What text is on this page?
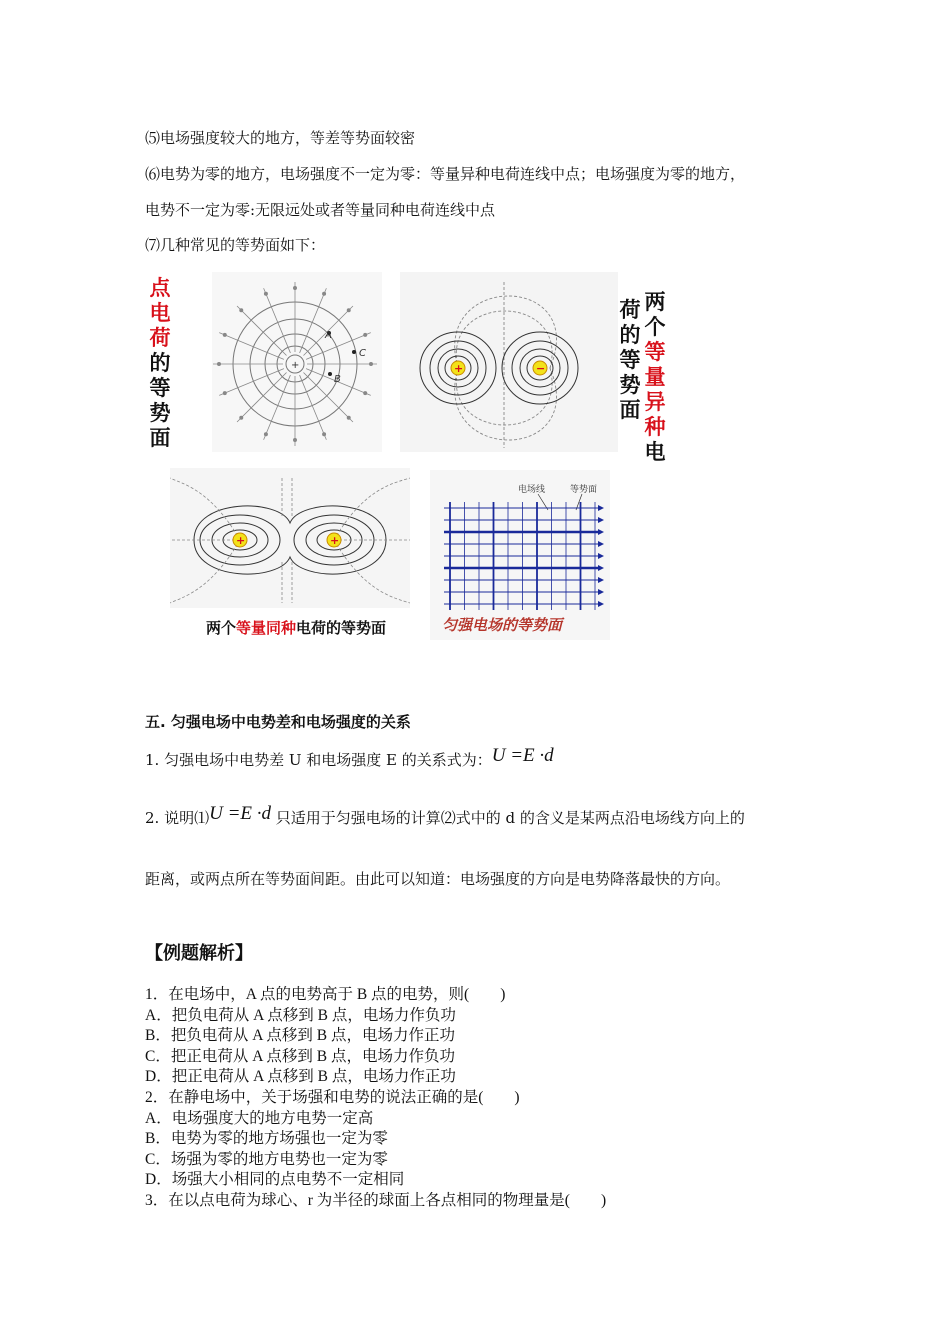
⑸电场强度较大的地方，等差等势面较密
⑹电势为零的地方，电场强度不一定为零：等量异种电荷连线中点；电场强度为零的地方，
电势不一定为零:无限远处或者等量同种电荷连线中点
⑺几种常见的等势面如下：
点
电
荷
的
等
势
面
+
A
C
B
+	−
荷
的
等
势
面
两
个
等
量
异
种
电
+	+
两个等量同种电荷的等势面
电场线	等势面
匀强电场的等势面
五. 匀强电场中电势差和电场强度的关系
1. 匀强电场中电势差 U 和电场强度 E 的关系式为：U =E ·d
2. 说明⑴U =E ·d 只适用于匀强电场的计算⑵式中的 d 的含义是某两点沿电场线方向上的
距离，或两点所在等势面间距。由此可以知道：电场强度的方向是电势降落最快的方向。
【例题解析】
1．在电场中，A 点的电势高于 B 点的电势，则(　　)
A．把负电荷从 A 点移到 B 点，电场力作负功
B．把负电荷从 A 点移到 B 点，电场力作正功
C．把正电荷从 A 点移到 B 点，电场力作负功
D．把正电荷从 A 点移到 B 点，电场力作正功
2．在静电场中，关于场强和电势的说法正确的是(　　)
A．电场强度大的地方电势一定高
B．电势为零的地方场强也一定为零
C．场强为零的地方电势也一定为零
D．场强大小相同的点电势不一定相同
3．在以点电荷为球心、r 为半径的球面上各点相同的物理量是(　　)
